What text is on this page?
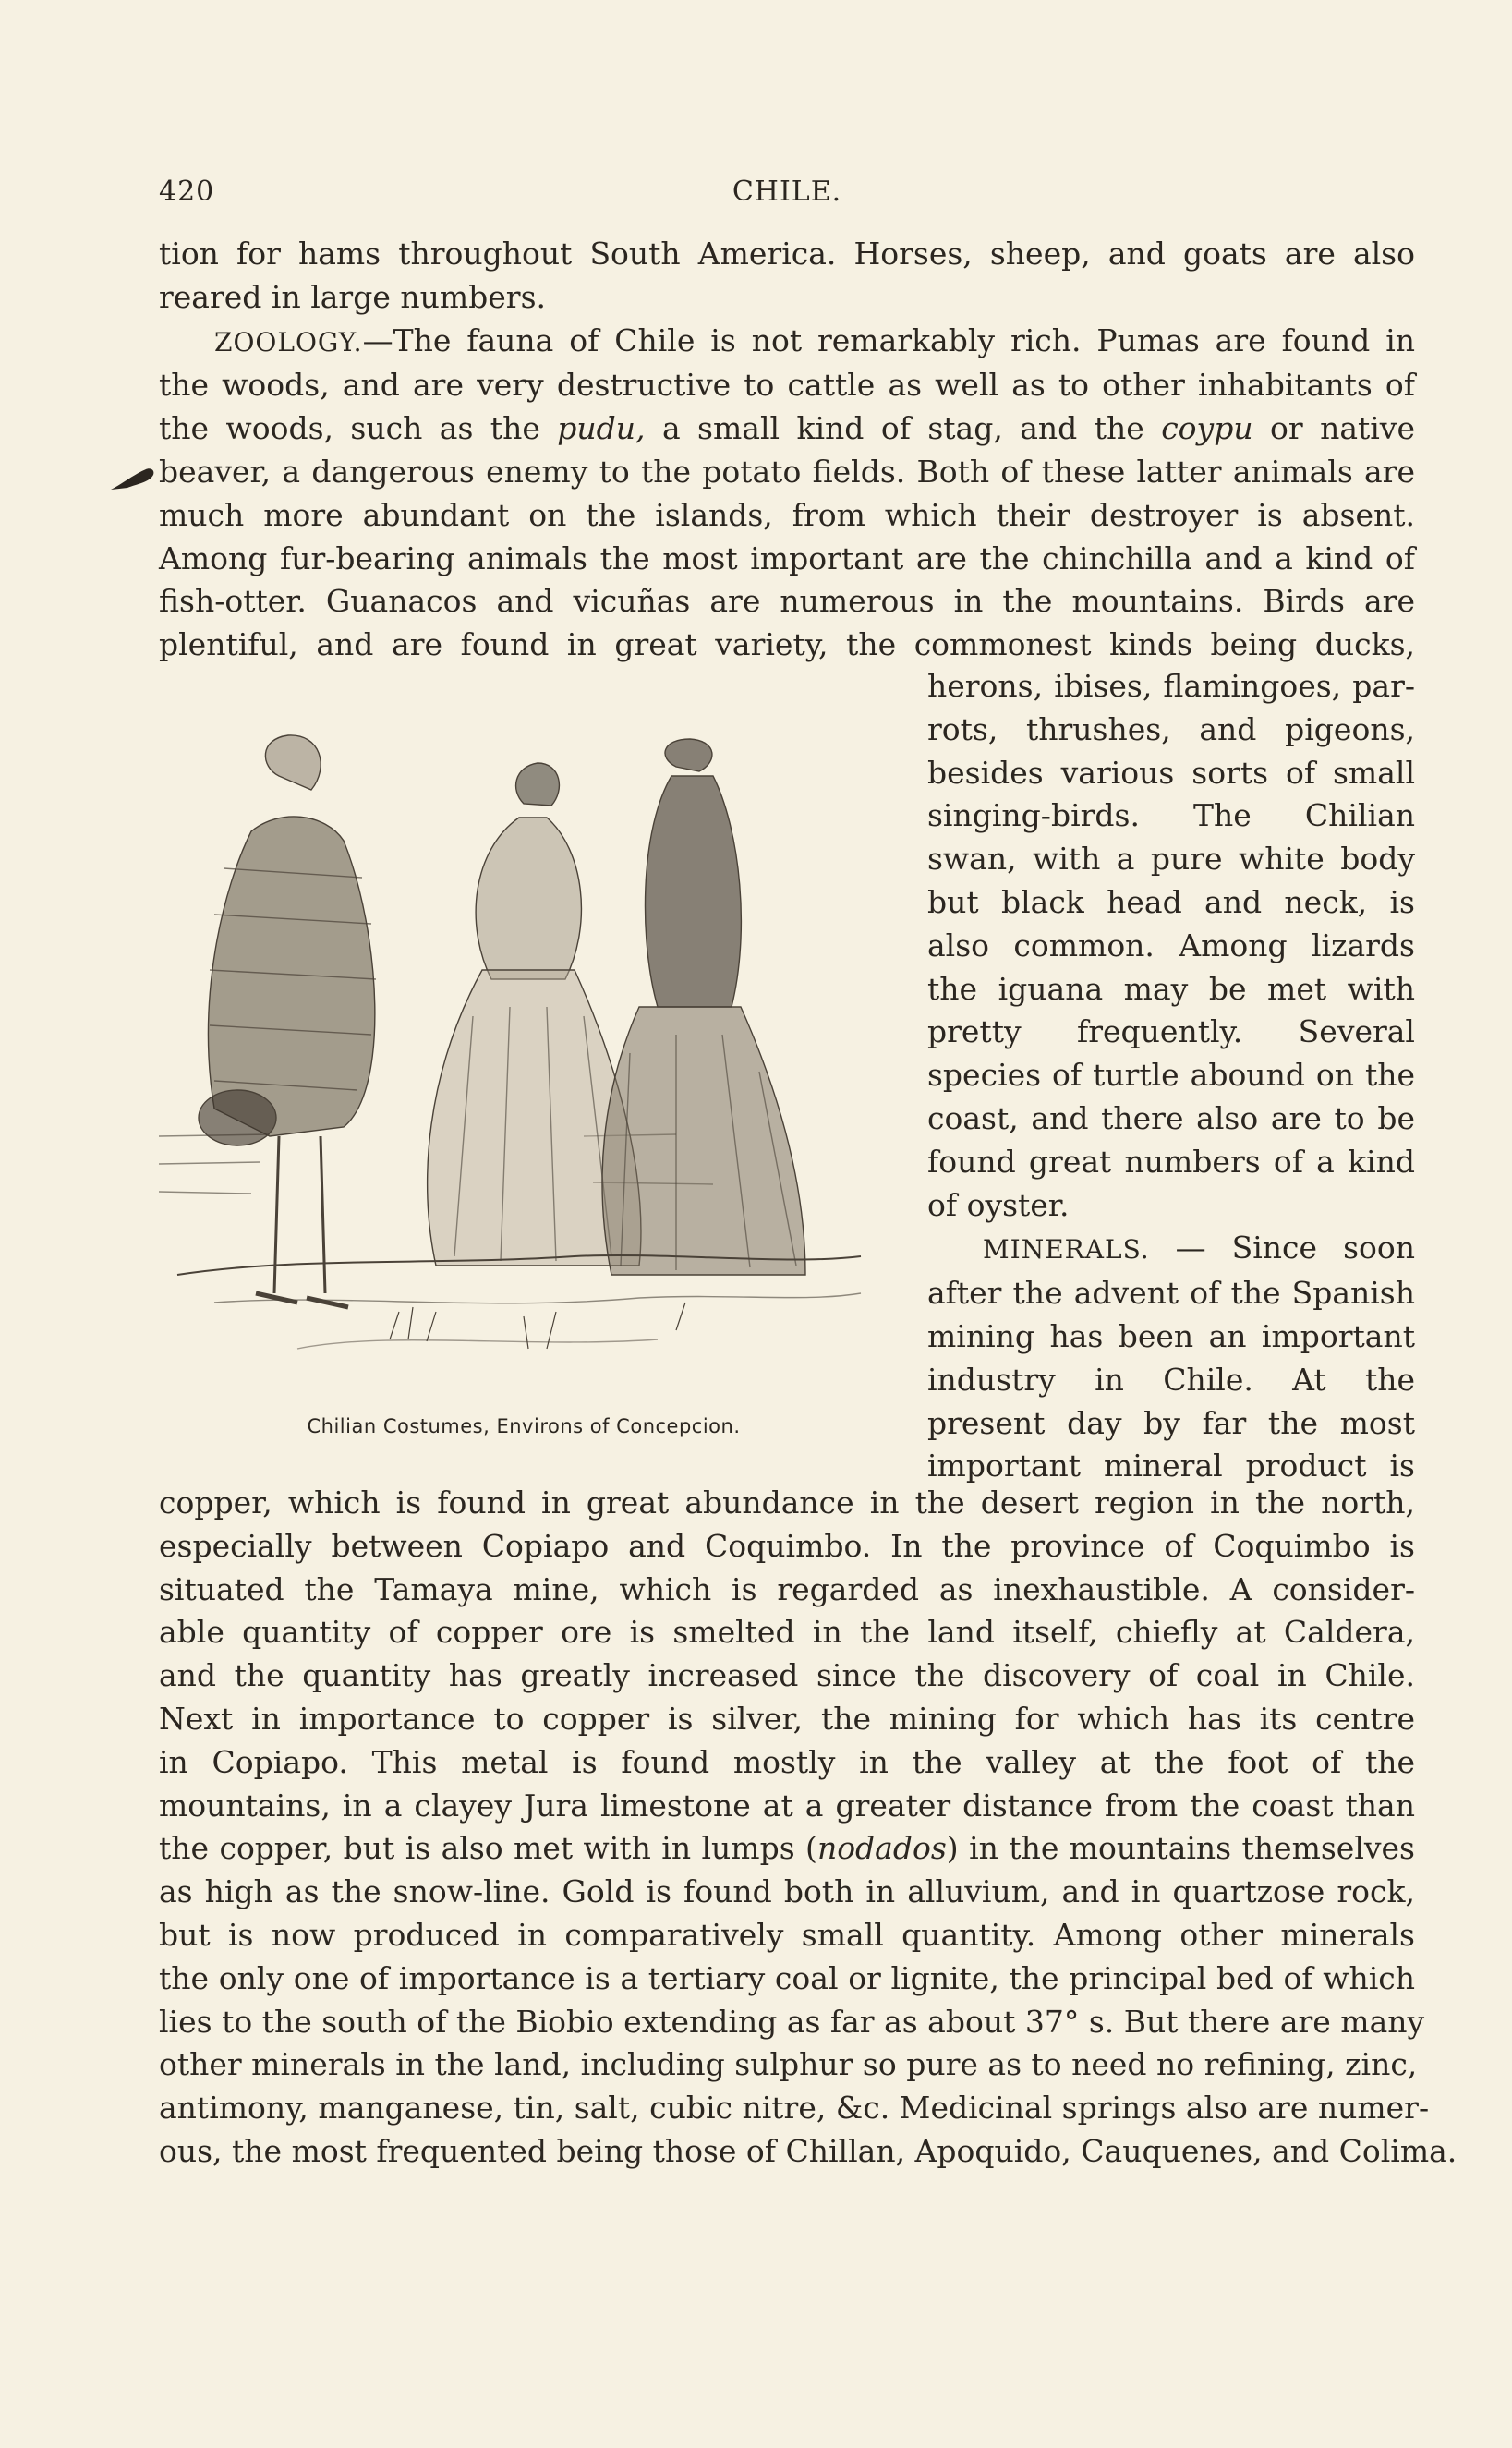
420	CHILE.
tion for hams throughout South America. Horses, sheep, and goats are also
reared in large numbers.
ZOOLOGY.—The fauna of Chile is not remarkably rich. Pumas are found in
the woods, and are very destructive to cattle as well as to other inhabitants of
the woods, such as the pudu, a small kind of stag, and the coypu or native
beaver, a dangerous enemy to the potato fields. Both of these latter animals are
much more abundant on the islands, from which their destroyer is absent.
Among fur-bearing animals the most important are the chinchilla and a kind of
fish-otter. Guanacos and vicuñas are numerous in the mountains. Birds are
plentiful, and are found in great variety, the commonest kinds being ducks,
Chilian Costumes, Environs of Concepcion.
herons, ibises, flamingoes, par-
rots, thrushes, and pigeons,
besides various sorts of small
singing-birds. The Chilian
swan, with a pure white body
but black head and neck, is
also common. Among lizards
the iguana may be met with
pretty frequently. Several
species of turtle abound on the
coast, and there also are to be
found great numbers of a kind
of oyster.
MINERALS. — Since soon
after the advent of the Spanish
mining has been an important
industry in Chile. At the
present day by far the most
important mineral product is
copper, which is found in great abundance in the desert region in the north,
especially between Copiapo and Coquimbo. In the province of Coquimbo is
situated the Tamaya mine, which is regarded as inexhaustible. A consider-
able quantity of copper ore is smelted in the land itself, chiefly at Caldera,
and the quantity has greatly increased since the discovery of coal in Chile.
Next in importance to copper is silver, the mining for which has its centre
in Copiapo. This metal is found mostly in the valley at the foot of the
mountains, in a clayey Jura limestone at a greater distance from the coast than
the copper, but is also met with in lumps (nodados) in the mountains themselves
as high as the snow-line. Gold is found both in alluvium, and in quartzose rock,
but is now produced in comparatively small quantity. Among other minerals
the only one of importance is a tertiary coal or lignite, the principal bed of which
lies to the south of the Biobio extending as far as about 37° s. But there are many
other minerals in the land, including sulphur so pure as to need no refining, zinc,
antimony, manganese, tin, salt, cubic nitre, &c. Medicinal springs also are numer-
ous, the most frequented being those of Chillan, Apoquido, Cauquenes, and Colima.
